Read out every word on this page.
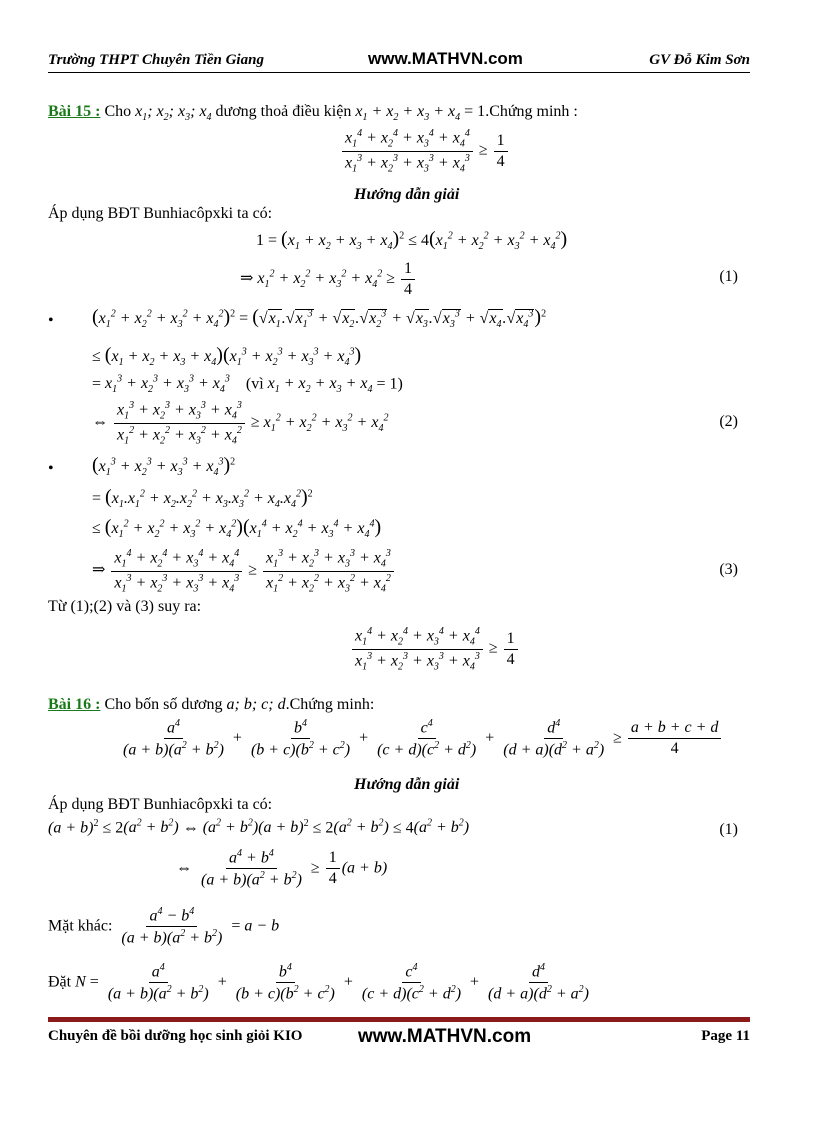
Trường THPT Chuyên Tiền Giang	www.MATHVN.com	GV Đỗ Kim Sơn
Bài 15 : Cho $x_1$; $x_2$; $x_3$; $x_4$ dương thoả điều kiện $x_1 + x_2 + x_3 + x_4$ = 1.Chứng minh :
$\frac{x_1^4 + x_2^4 + x_3^4 + x_4^4}{x_1^3 + x_2^3 + x_3^3 + x_4^3} \ge \frac{1}{4}$
Hướng dẫn giải
Áp dụng BĐT Bunhiacôpxki ta có:
$1 = (x_1 + x_2 + x_3 + x_4)^2 \le 4(x_1^2 + x_2^2 + x_3^2 + x_4^2)$
⇒ $x_1^2 + x_2^2 + x_3^2 + x_4^2 \ge \frac{1}{4}$	(1)
• $(x_1^2 + x_2^2 + x_3^2 + x_4^2)^2 = (√x_1.√x_1^3 + √x_2.√x_2^3 + √x_3.√x_3^3 + √x_4.√x_4^3)^2$
≤ $(x_1 + x_2 + x_3 + x_4)(x_1^3 + x_2^3 + x_3^3 + x_4^3)$
= $x_1^3 + x_2^3 + x_3^3 + x_4^3$ (vì $x_1 + x_2 + x_3 + x_4 = 1$)
⇔ $\frac{x_1^3 + x_2^3 + x_3^3 + x_4^3}{x_1^2 + x_2^2 + x_3^2 + x_4^2} \ge x_1^2 + x_2^2 + x_3^2 + x_4^2$	(2)
• $(x_1^3 + x_2^3 + x_3^3 + x_4^3)^2$
= $(x_1.x_1^2 + x_2.x_2^2 + x_3.x_3^2 + x_4.x_4^2)^2$
≤ $(x_1^2 + x_2^2 + x_3^2 + x_4^2)(x_1^4 + x_2^4 + x_3^4 + x_4^4)$
⇒ $\frac{x_1^4 + x_2^4 + x_3^4 + x_4^4}{x_1^3 + x_2^3 + x_3^3 + x_4^3} \ge \frac{x_1^3 + x_2^3 + x_3^3 + x_4^3}{x_1^2 + x_2^2 + x_3^2 + x_4^2}$	(3)
Từ (1);(2) và (3) suy ra:
$\frac{x_1^4 + x_2^4 + x_3^4 + x_4^4}{x_1^3 + x_2^3 + x_3^3 + x_4^3} \ge \frac{1}{4}$
Bài 16 : Cho bốn số dương a; b; c; d.Chứng minh:
$\frac{a^4}{(a + b)(a^2 + b^2)} + \frac{b^4}{(b + c)(b^2 + c^2)} + \frac{c^4}{(c + d)(c^2 + d^2)} + \frac{d^4}{(d + a)(d^2 + a^2)} \ge \frac{a + b + c + d}{4}$
Hướng dẫn giải
Áp dụng BĐT Bunhiacôpxki ta có:
$(a + b)^2 \le 2(a^2 + b^2)$ ⇔ $(a^2 + b^2)(a + b)^2 \le 2(a^2 + b^2) \le 4(a^2 + b^2)$	(1)
⇔ $\frac{a^4 + b^4}{(a + b)(a^2 + b^2)} \ge \frac{1}{4} (a + b)$
Mặt khác: $\frac{a^4 - b^4}{(a + b)(a^2 + b^2)} = a - b$
Đặt $N = \frac{a^4}{(a + b)(a^2 + b^2)} + \frac{b^4}{(b + c)(b^2 + c^2)} + \frac{c^4}{(c + d)(c^2 + d^2)} + \frac{d^4}{(d + a)(d^2 + a^2)}$
Chuyên đề bồi dưỡng học sinh giỏi KIO	www.MATHVN.com	Page 11
